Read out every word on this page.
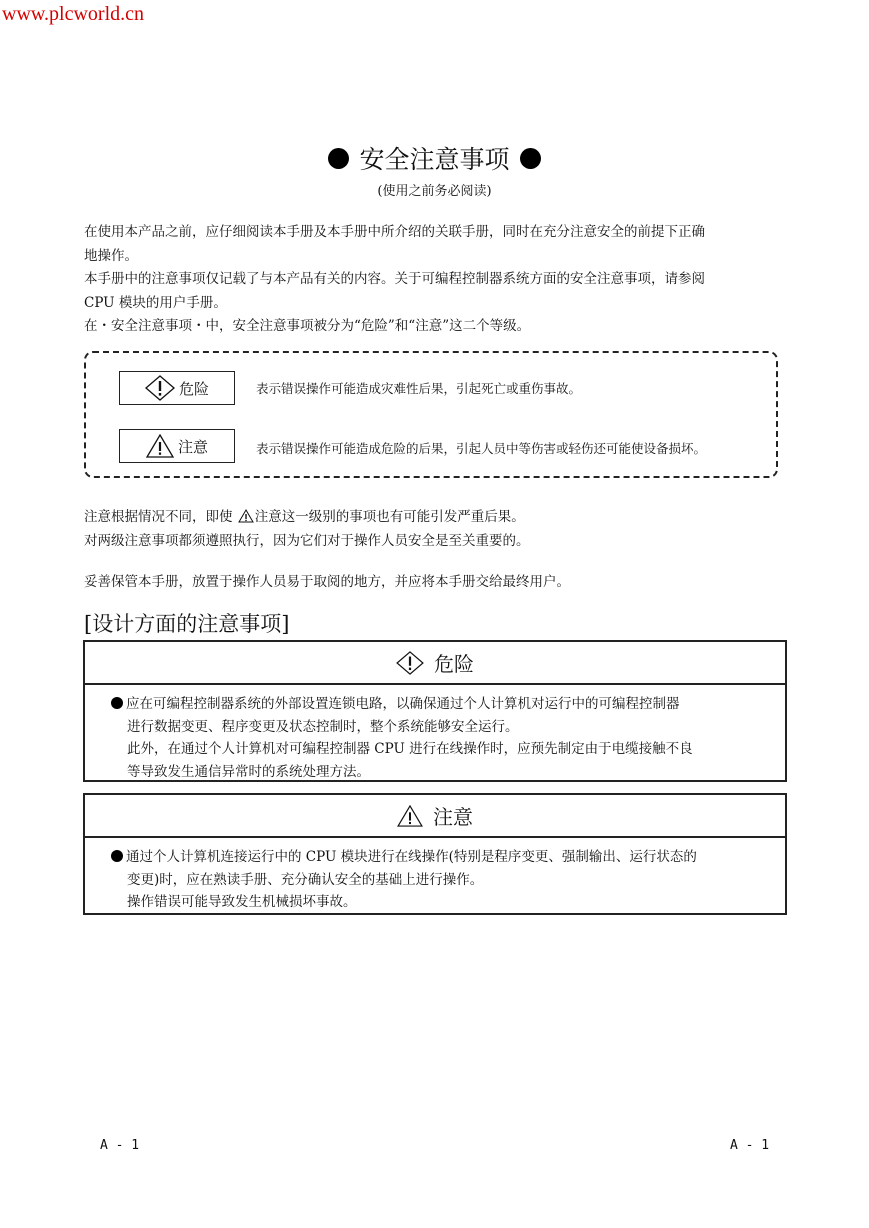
www.plcworld.cn
安全注意事项
(使用之前务必阅读)
在使用本产品之前，应仔细阅读本手册及本手册中所介绍的关联手册，同时在充分注意安全的前提下正确
地操作。
本手册中的注意事项仅记载了与本产品有关的内容。关于可编程控制器系统方面的安全注意事项，请参阅
CPU 模块的用户手册。
在・安全注意事项・中，安全注意事项被分为“危险”和“注意”这二个等级。
危险	表示错误操作可能造成灾难性后果，引起死亡或重伤事故。
注意	表示错误操作可能造成危险的后果，引起人员中等伤害或轻伤还可能使设备损坏。
注意根据情况不同，即使 注意这一级别的事项也有可能引发严重后果。
对两级注意事项都须遵照执行，因为它们对于操作人员安全是至关重要的。
妥善保管本手册，放置于操作人员易于取阅的地方，并应将本手册交给最终用户。
[设计方面的注意事项]
危险
应在可编程控制器系统的外部设置连锁电路，以确保通过个人计算机对运行中的可编程控制器
进行数据变更、程序变更及状态控制时，整个系统能够安全运行。
此外，在通过个人计算机对可编程控制器 CPU 进行在线操作时，应预先制定由于电缆接触不良
等导致发生通信异常时的系统处理方法。
注意
通过个人计算机连接运行中的 CPU 模块进行在线操作(特别是程序变更、强制输出、运行状态的
变更)时，应在熟读手册、充分确认安全的基础上进行操作。
操作错误可能导致发生机械损坏事故。
A - 1	A - 1
